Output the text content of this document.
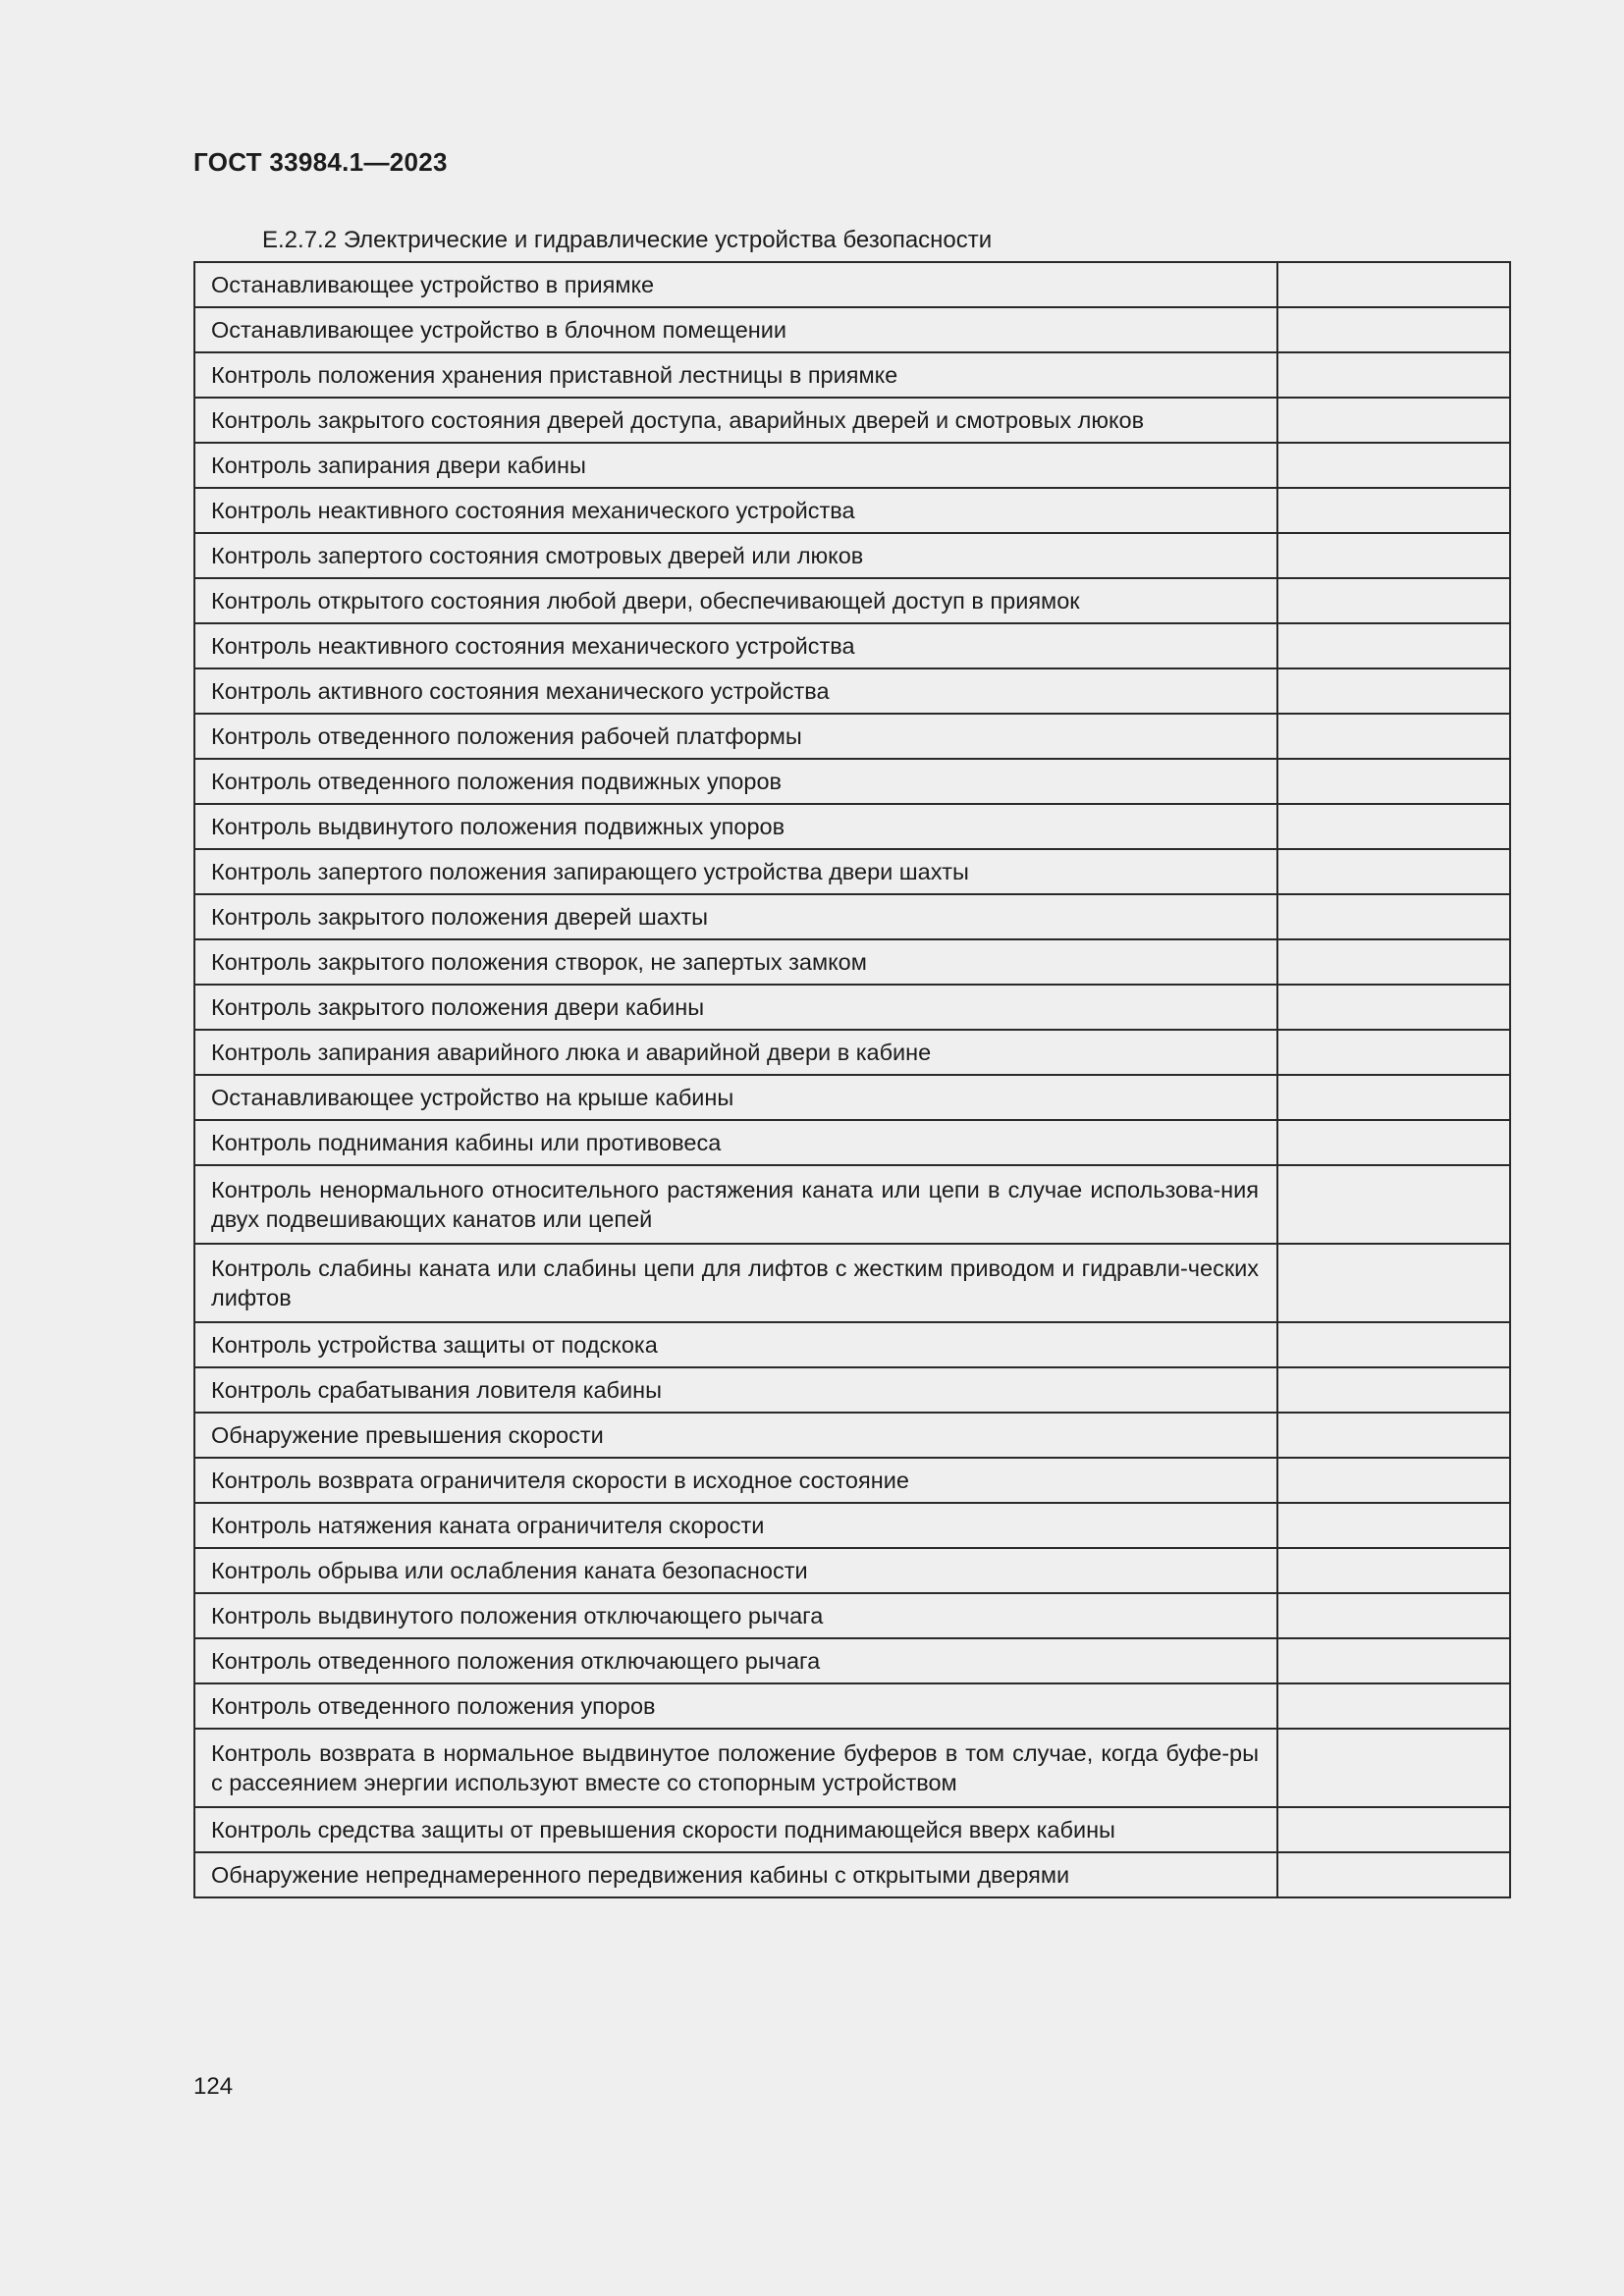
ГОСТ 33984.1—2023
Е.2.7.2 Электрические и гидравлические устройства безопасности
Останавливающее устройство в приямке	
Останавливающее устройство в блочном помещении	
Контроль положения хранения приставной лестницы в приямке	
Контроль закрытого состояния дверей доступа, аварийных дверей и смотровых люков	
Контроль запирания двери кабины	
Контроль неактивного состояния механического устройства	
Контроль запертого состояния смотровых дверей или люков	
Контроль открытого состояния любой двери, обеспечивающей доступ в приямок	
Контроль неактивного состояния механического устройства	
Контроль активного состояния механического устройства	
Контроль отведенного положения рабочей платформы	
Контроль отведенного положения подвижных упоров	
Контроль выдвинутого положения подвижных упоров	
Контроль запертого положения запирающего устройства двери шахты	
Контроль закрытого положения дверей шахты	
Контроль закрытого положения створок, не запертых замком	
Контроль закрытого положения двери кабины	
Контроль запирания аварийного люка и аварийной двери в кабине	
Останавливающее устройство на крыше кабины	
Контроль поднимания кабины или противовеса	
Контроль ненормального относительного растяжения каната или цепи в случае использова-ния двух подвешивающих канатов или цепей	
Контроль слабины каната или слабины цепи для лифтов с жестким приводом и гидравли-ческих лифтов	
Контроль устройства защиты от подскока	
Контроль срабатывания ловителя кабины	
Обнаружение превышения скорости	
Контроль возврата ограничителя скорости в исходное состояние	
Контроль натяжения каната ограничителя скорости	
Контроль обрыва или ослабления каната безопасности	
Контроль выдвинутого положения отключающего рычага	
Контроль отведенного положения отключающего рычага	
Контроль отведенного положения упоров	
Контроль возврата в нормальное выдвинутое положение буферов в том случае, когда буфе-ры с рассеянием энергии используют вместе со стопорным устройством	
Контроль средства защиты от превышения скорости поднимающейся вверх кабины	
Обнаружение непреднамеренного передвижения кабины с открытыми дверями	
124
